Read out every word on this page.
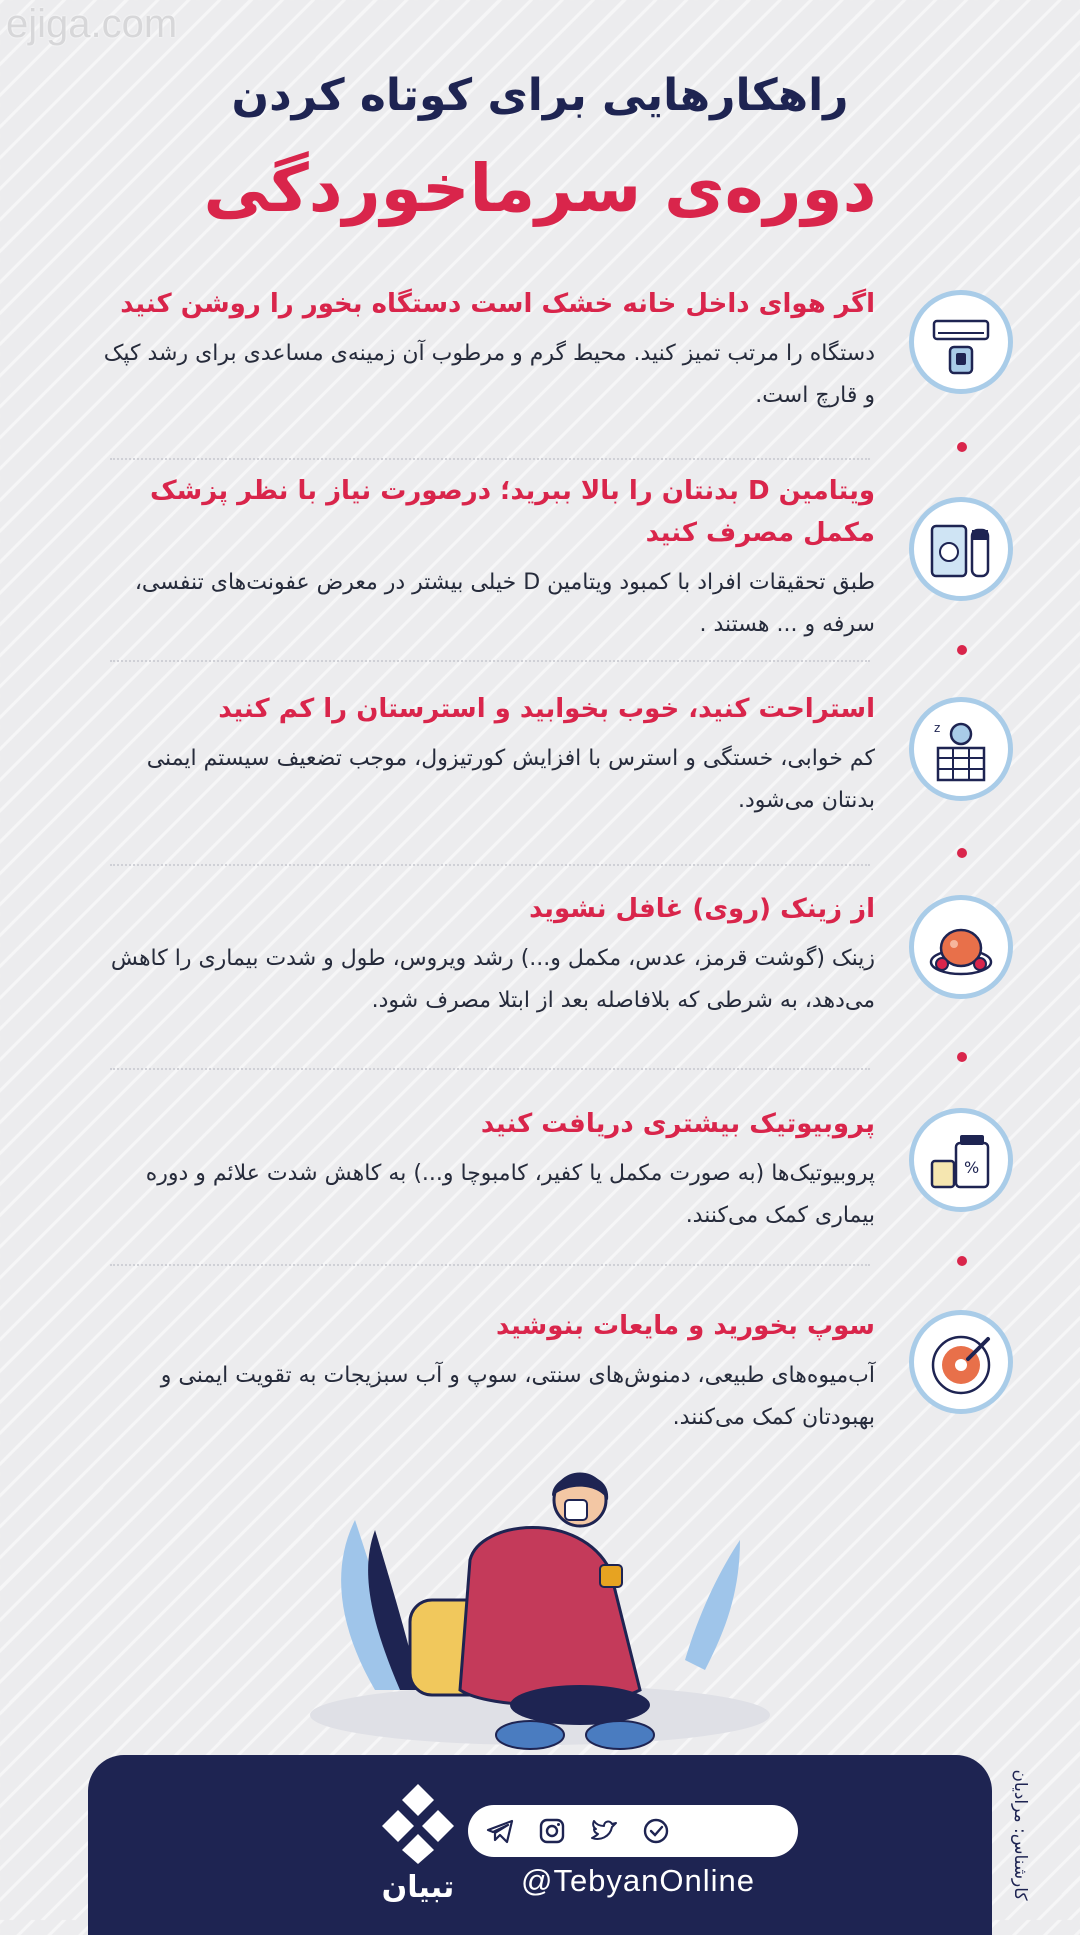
ejiga.com
راهکارهایی برای کوتاه کردن
دوره‌ی سرماخوردگی
اگر هوای داخل خانه خشک است دستگاه بخور را روشن کنید

دستگاه را مرتب تمیز کنید. محیط گرم و مرطوب آن زمینه‌ی مساعدی برای رشد کپک و قارچ است.

ویتامین D بدنتان را بالا ببرید؛ درصورت نیاز با نظر پزشک مکمل مصرف کنید

طبق تحقیقات افراد با کمبود ویتامین D خیلی بیشتر در معرض عفونت‌های تنفسی، سرفه و ... هستند .

استراحت کنید، خوب بخوابید و استرستان را کم کنید

کم خوابی، خستگی و استرس با افزایش کورتیزول، موجب تضعیف سیستم ایمنی بدنتان می‌شود.

z
از زینک (روی) غافل نشوید

زینک (گوشت قرمز، عدس، مکمل و...) رشد ویروس، طول و شدت بیماری را کاهش می‌دهد، به شرطی که بلافاصله بعد از ابتلا مصرف شود.

پروبیوتیک بیشتری دریافت کنید

پروبیوتیک‌ها (به صورت مکمل یا کفیر، کامبوچا و...) به کاهش شدت علائم و دوره بیماری کمک می‌کنند.

%
سوپ بخورید و مایعات بنوشید

آب‌میوه‌های طبیعی، دمنوش‌های سنتی، سوپ و آب سبزیجات به تقویت ایمنی و بهبودتان کمک می‌کنند.

تبیان	@TebyanOnline	کارشناس: مرادیان
